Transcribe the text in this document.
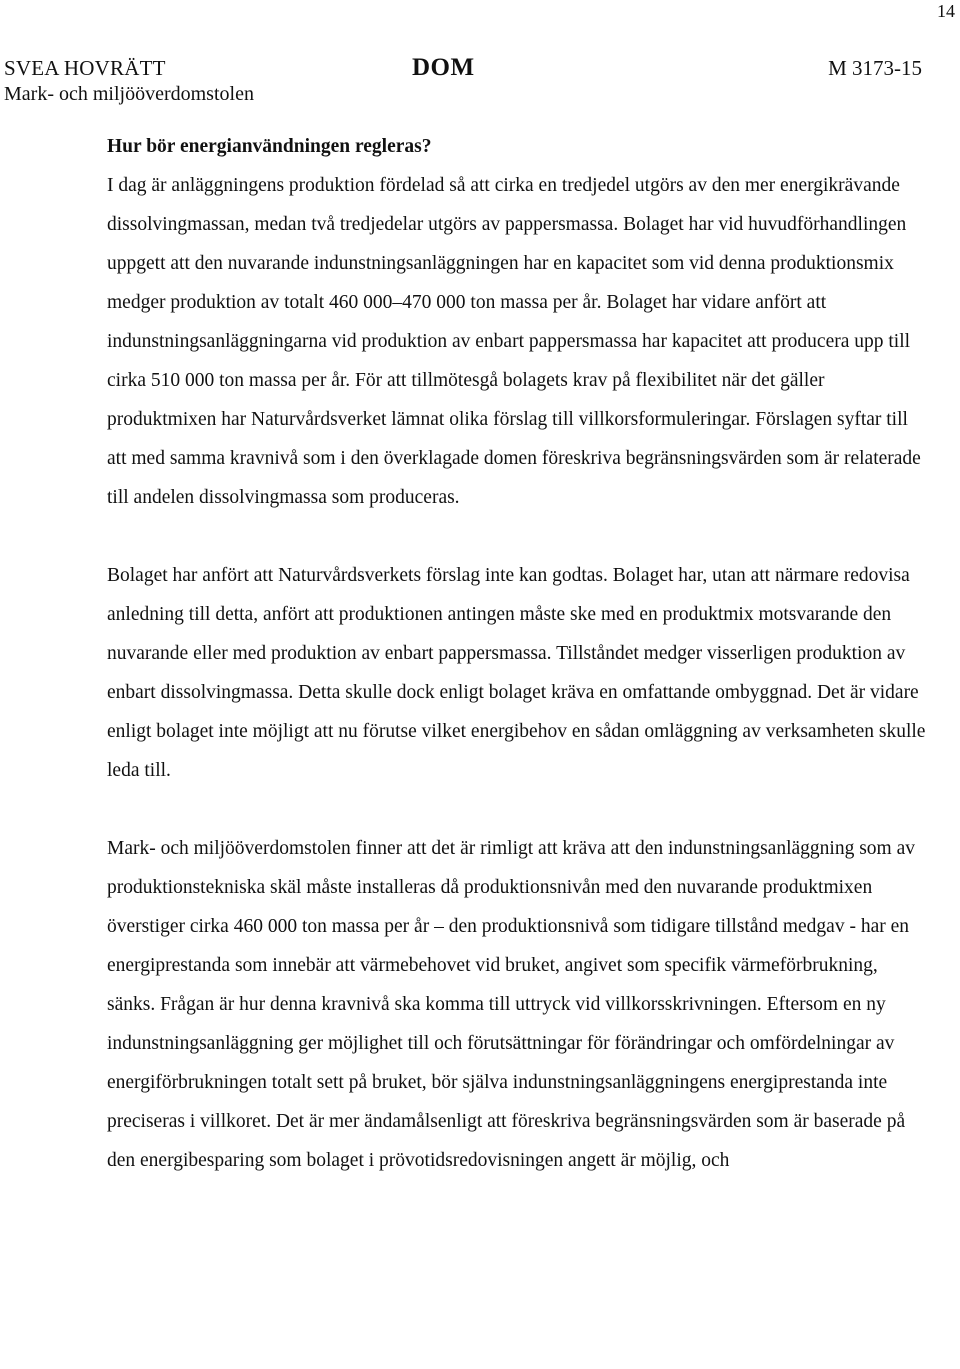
14
SVEA HOVRÄTT
Mark- och miljööverdomstolen
DOM	M 3173-15

Hur bör energianvändningen regleras?

I dag är anläggningens produktion fördelad så att cirka en tredjedel utgörs av den mer energikrävande dissolvingmassan, medan två tredjedelar utgörs av pappersmassa. Bolaget har vid huvudförhandlingen uppgett att den nuvarande indunstningsanläggningen har en kapacitet som vid denna produktionsmix medger produktion av totalt 460 000–470 000 ton massa per år. Bolaget har vidare anfört att indunstningsanläggningarna vid produktion av enbart pappersmassa har kapacitet att producera upp till cirka 510 000 ton massa per år. För att tillmötesgå bolagets krav på flexibilitet när det gäller produktmixen har Naturvårdsverket lämnat olika förslag till villkorsformuleringar. Förslagen syftar till att med samma kravnivå som i den överklagade domen föreskriva begränsningsvärden som är relaterade till andelen dissolvingmassa som produceras.

Bolaget har anfört att Naturvårdsverkets förslag inte kan godtas. Bolaget har, utan att närmare redovisa anledning till detta, anfört att produktionen antingen måste ske med en produktmix motsvarande den nuvarande eller med produktion av enbart pappersmassa. Tillståndet medger visserligen produktion av enbart dissolvingmassa. Detta skulle dock enligt bolaget kräva en omfattande ombyggnad. Det är vidare enligt bolaget inte möjligt att nu förutse vilket energibehov en sådan omläggning av verksamheten skulle leda till.

Mark- och miljööverdomstolen finner att det är rimligt att kräva att den indunstningsanläggning som av produktionstekniska skäl måste installeras då produktionsnivån med den nuvarande produktmixen överstiger cirka 460 000 ton massa per år – den produktionsnivå som tidigare tillstånd medgav - har en energiprestanda som innebär att värmebehovet vid bruket, angivet som specifik värmeförbrukning, sänks. Frågan är hur denna kravnivå ska komma till uttryck vid villkorsskrivningen. Eftersom en ny indunstningsanläggning ger möjlighet till och förutsättningar för förändringar och omfördelningar av energiförbrukningen totalt sett på bruket, bör själva indunstningsanläggningens energiprestanda inte preciseras i villkoret. Det är mer ändamålsenligt att föreskriva begränsningsvärden som är baserade på den energibesparing som bolaget i prövotidsredovisningen angett är möjlig, och
